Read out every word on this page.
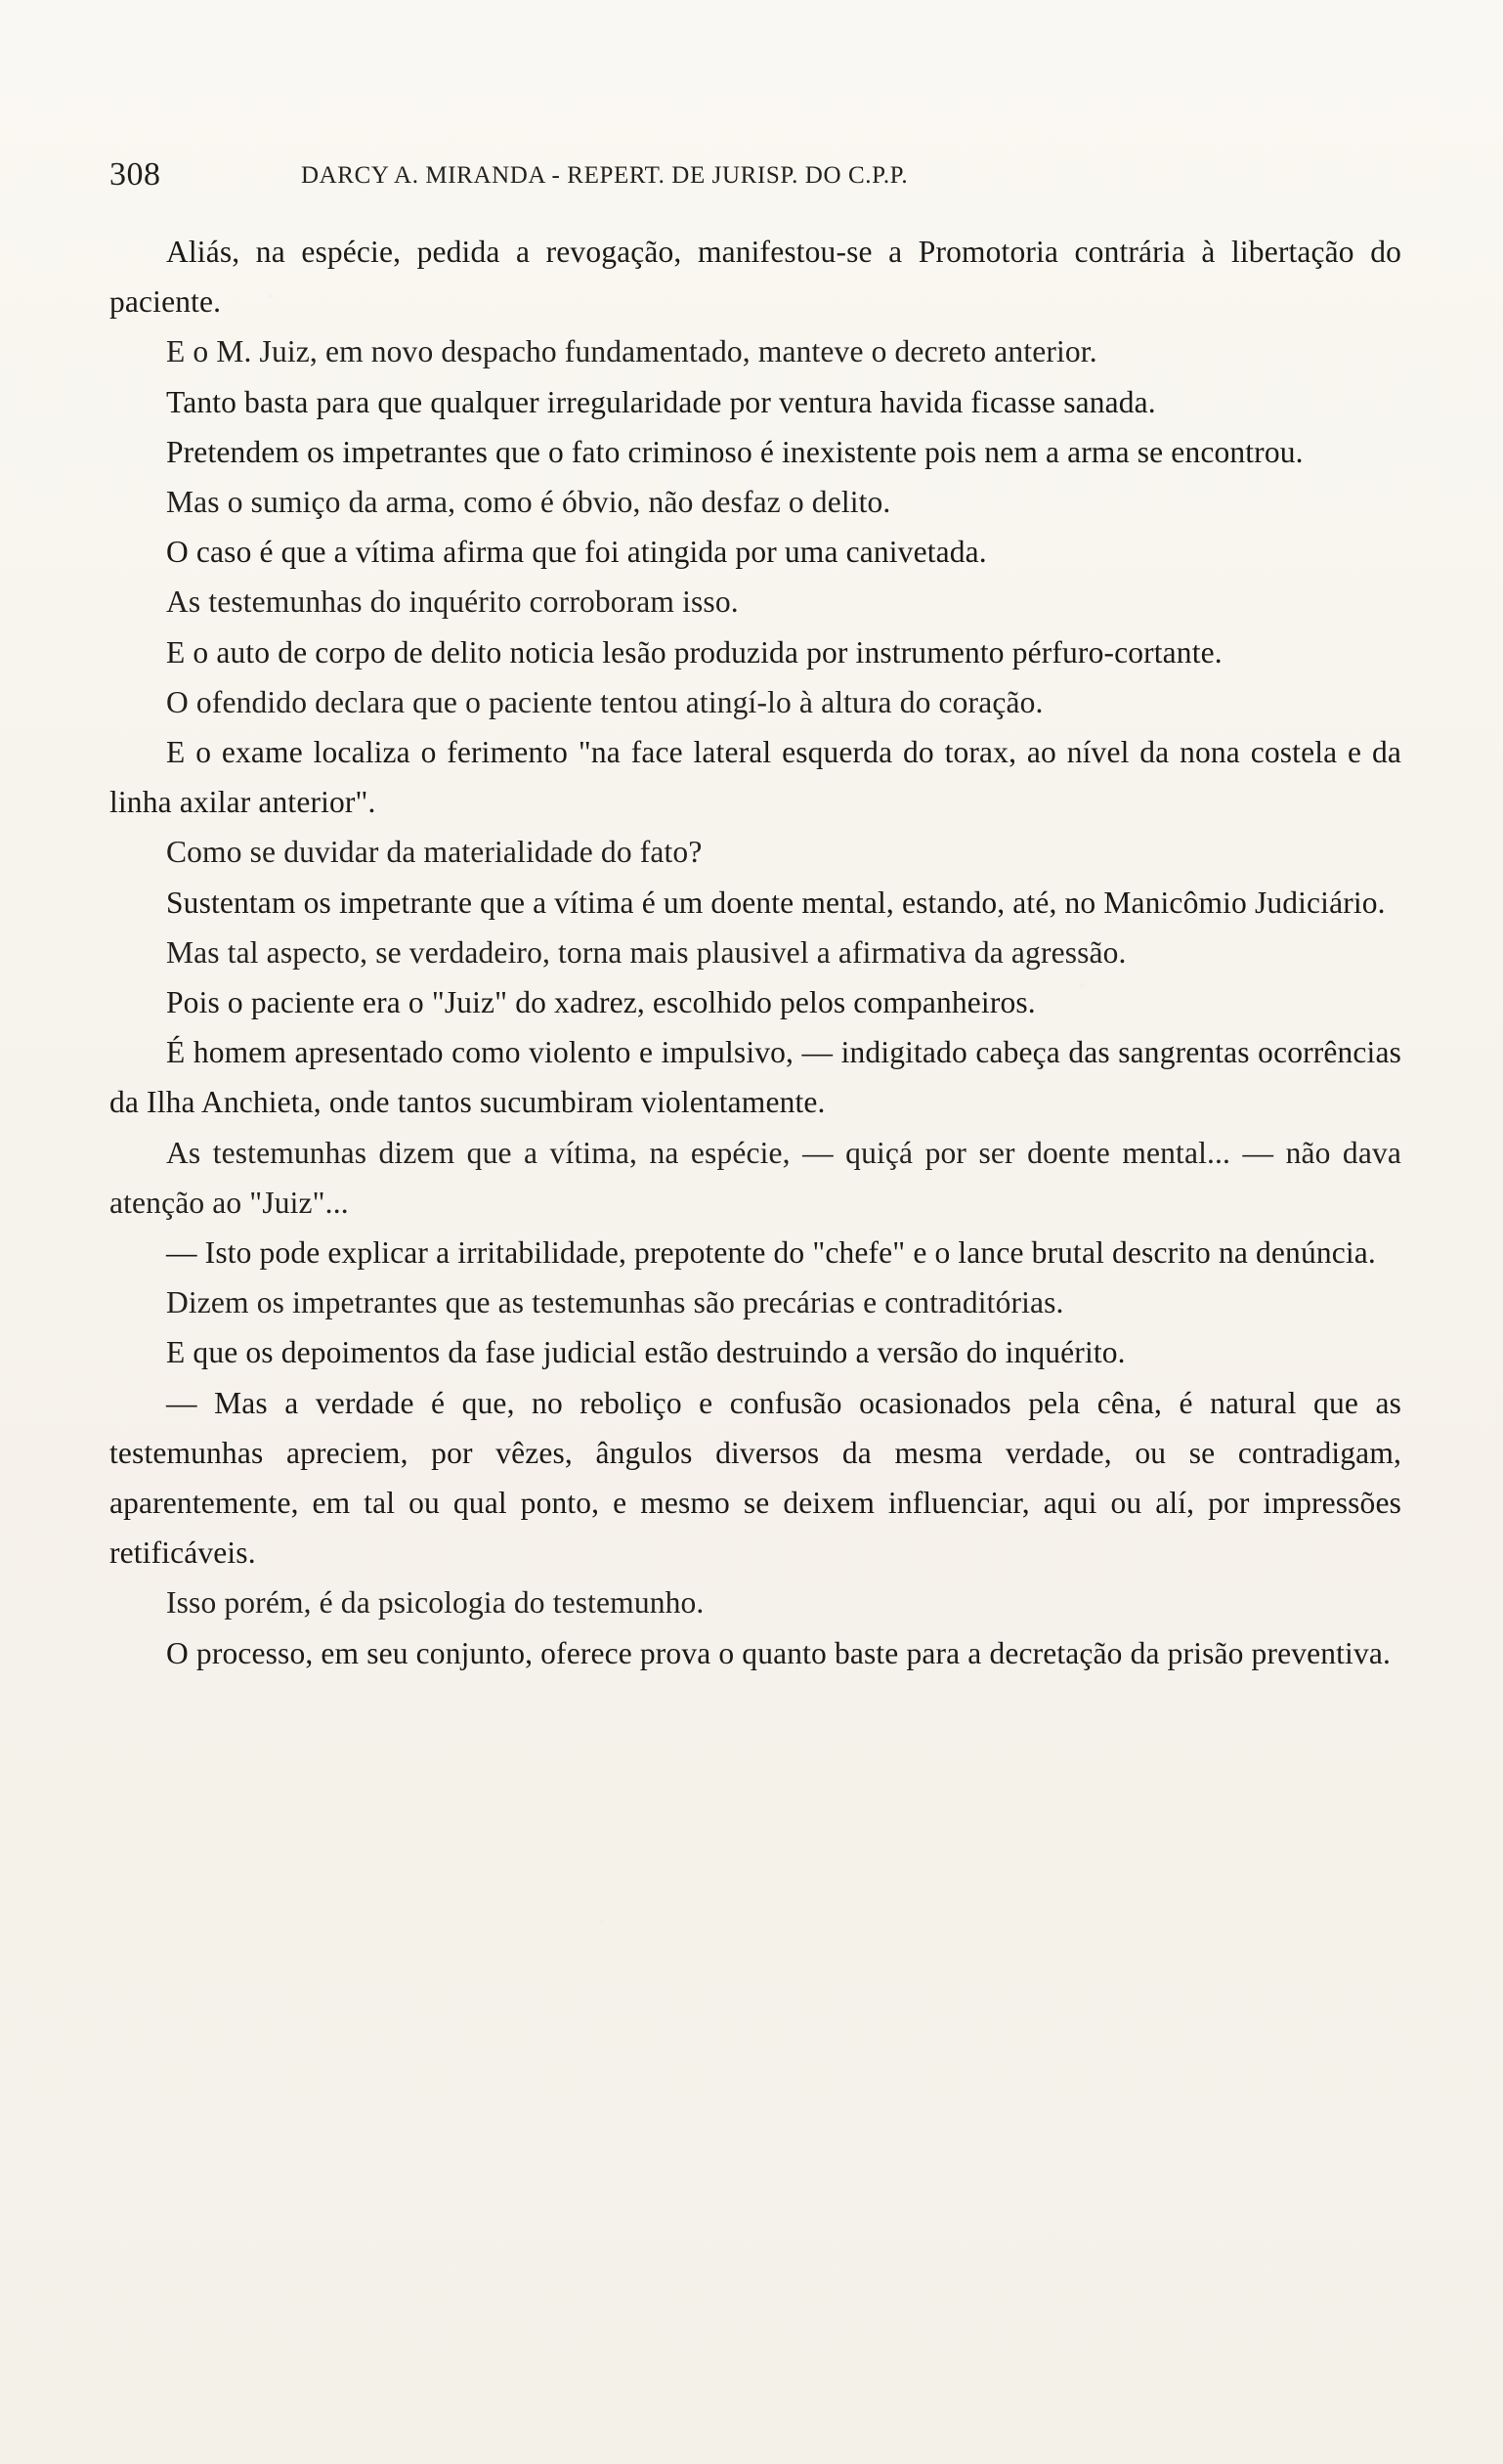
308	DARCY A. MIRANDA - REPERT. DE JURISP. DO C.P.P.

Aliás, na espécie, pedida a revogação, manifestou-se a Promotoria contrária à libertação do paciente.

E o M. Juiz, em novo despacho fundamentado, manteve o decreto anterior.

Tanto basta para que qualquer irregularidade por ventura havida ficasse sanada.

Pretendem os impetrantes que o fato criminoso é inexistente pois nem a arma se encontrou.

Mas o sumiço da arma, como é óbvio, não desfaz o delito.

O caso é que a vítima afirma que foi atingida por uma canivetada.

As testemunhas do inquérito corroboram isso.

E o auto de corpo de delito noticia lesão produzida por instrumento pérfuro-cortante.

O ofendido declara que o paciente tentou atingí-lo à altura do coração.

E o exame localiza o ferimento "na face lateral esquerda do torax, ao nível da nona costela e da linha axilar anterior".

Como se duvidar da materialidade do fato?

Sustentam os impetrante que a vítima é um doente mental, estando, até, no Manicômio Judiciário.

Mas tal aspecto, se verdadeiro, torna mais plausivel a afirmativa da agressão.

Pois o paciente era o "Juiz" do xadrez, escolhido pelos companheiros.

É homem apresentado como violento e impulsivo, — indigitado cabeça das sangrentas ocorrências da Ilha Anchieta, onde tantos sucumbiram violentamente.

As testemunhas dizem que a vítima, na espécie, — quiçá por ser doente mental... — não dava atenção ao "Juiz"...

— Isto pode explicar a irritabilidade, prepotente do "chefe" e o lance brutal descrito na denúncia.

Dizem os impetrantes que as testemunhas são precárias e contraditórias.

E que os depoimentos da fase judicial estão destruindo a versão do inquérito.

— Mas a verdade é que, no reboliço e confusão ocasionados pela cêna, é natural que as testemunhas apreciem, por vêzes, ângulos diversos da mesma verdade, ou se contradigam, aparentemente, em tal ou qual ponto, e mesmo se deixem influenciar, aqui ou alí, por impressões retificáveis.

Isso porém, é da psicologia do testemunho.

O processo, em seu conjunto, oferece prova o quanto baste para a decretação da prisão preventiva.
